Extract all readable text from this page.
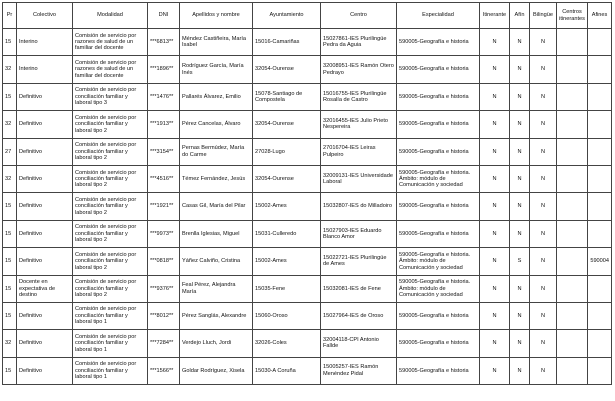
Pr	Colectivo	Modalidad	DNI	Apellidos y nombre	Ayuntamiento	Centro	Especialidad	Itinerante	Afín	Bilingüe	Centros itinerantes	Afines
15	Interino	Comisión de servicio por razones de salud de un familiar del docente	***6813**	Méndez Castiñeira, María Isabel	15016-Camariñas	15027861-IES Plurilingüe Pedra da Aguia	590005-Geografía e historia	N	N	N		
32	Interino	Comisión de servicio por razones de salud de un familiar del docente	***1896**	Rodríguez García, María Inés	32054-Ourense	32008951-IES Ramón Otero Pedrayo	590005-Geografía e historia	N	N	N		
15	Definitivo	Comisión de servicio por conciliación familiar y laboral tipo 3	***1476**	Pallarés Álvarez, Emilio	15078-Santiago de Compostela	15016755-IES Plurilingüe Rosalía de Castro	590005-Geografía e historia	N	N	N		
32	Definitivo	Comisión de servicio por conciliación familiar y laboral tipo 2	***1913**	Pérez Cancelas, Álvaro	32054-Ourense	32016455-IES Julio Prieto Nespereira	590005-Geografía e historia	N	N	N		
27	Definitivo	Comisión de servicio por conciliación familiar y laboral tipo 2	***3154**	Pernas Bermúdez, María do Carme	27028-Lugo	27016704-IES Leiras Pulpeiro	590005-Geografía e historia	N	N	N		
32	Definitivo	Comisión de servicio por conciliación familiar y laboral tipo 2	***4516**	Témez Fernández, Jesús	32054-Ourense	32009131-IES Universidade Laboral	590005-Geografía e historia. Ámbito: módulo de Comunicación y sociedad	N	N	N		
15	Definitivo	Comisión de servicio por conciliación familiar y laboral tipo 2	***1921**	Casas Gil, María del Pilar	15002-Ames	15032807-IES do Milladoiro	590005-Geografía e historia	N	N	N		
15	Definitivo	Comisión de servicio por conciliación familiar y laboral tipo 2	***9973**	Brenlla Iglesias, Miguel	15031-Culleredo	15027903-IES Eduardo Blanco Amor	590005-Geografía e historia	N	N	N		
15	Definitivo	Comisión de servicio por conciliación familiar y laboral tipo 2	***0818**	Yáñez Calviño, Cristina	15002-Ames	15022721-IES Plurilingüe de Ames	590005-Geografía e historia. Ámbito: módulo de Comunicación y sociedad	N	S	N		590004
15	Docente en expectativa de destino	Comisión de servicio por conciliación familiar y laboral tipo 2	***9376**	Feal Pérez, Alejandra María	15035-Fene	15032081-IES de Fene	590005-Geografía e historia. Ámbito: módulo de Comunicación y sociedad	N	N	N		
15	Definitivo	Comisión de servicio por conciliación familiar y laboral tipo 1	***8012**	Pérez Sanglás, Alexandre	15060-Oroso	15027964-IES de Oroso	590005-Geografía e historia	N	N	N		
32	Definitivo	Comisión de servicio por conciliación familiar y laboral tipo 1	***7284**	Verdejo Lluch, Jordi	32026-Coles	32004118-CPI Antonio Fallde	590005-Geografía e historia	N	N	N		
15	Definitivo	Comisión de servicio por conciliación familiar y laboral tipo 1	***1566**	Goldar Rodríguez, Xisela	15030-A Coruña	15005257-IES Ramón Menéndez Pidal	590005-Geografía e historia	N	N	N		
